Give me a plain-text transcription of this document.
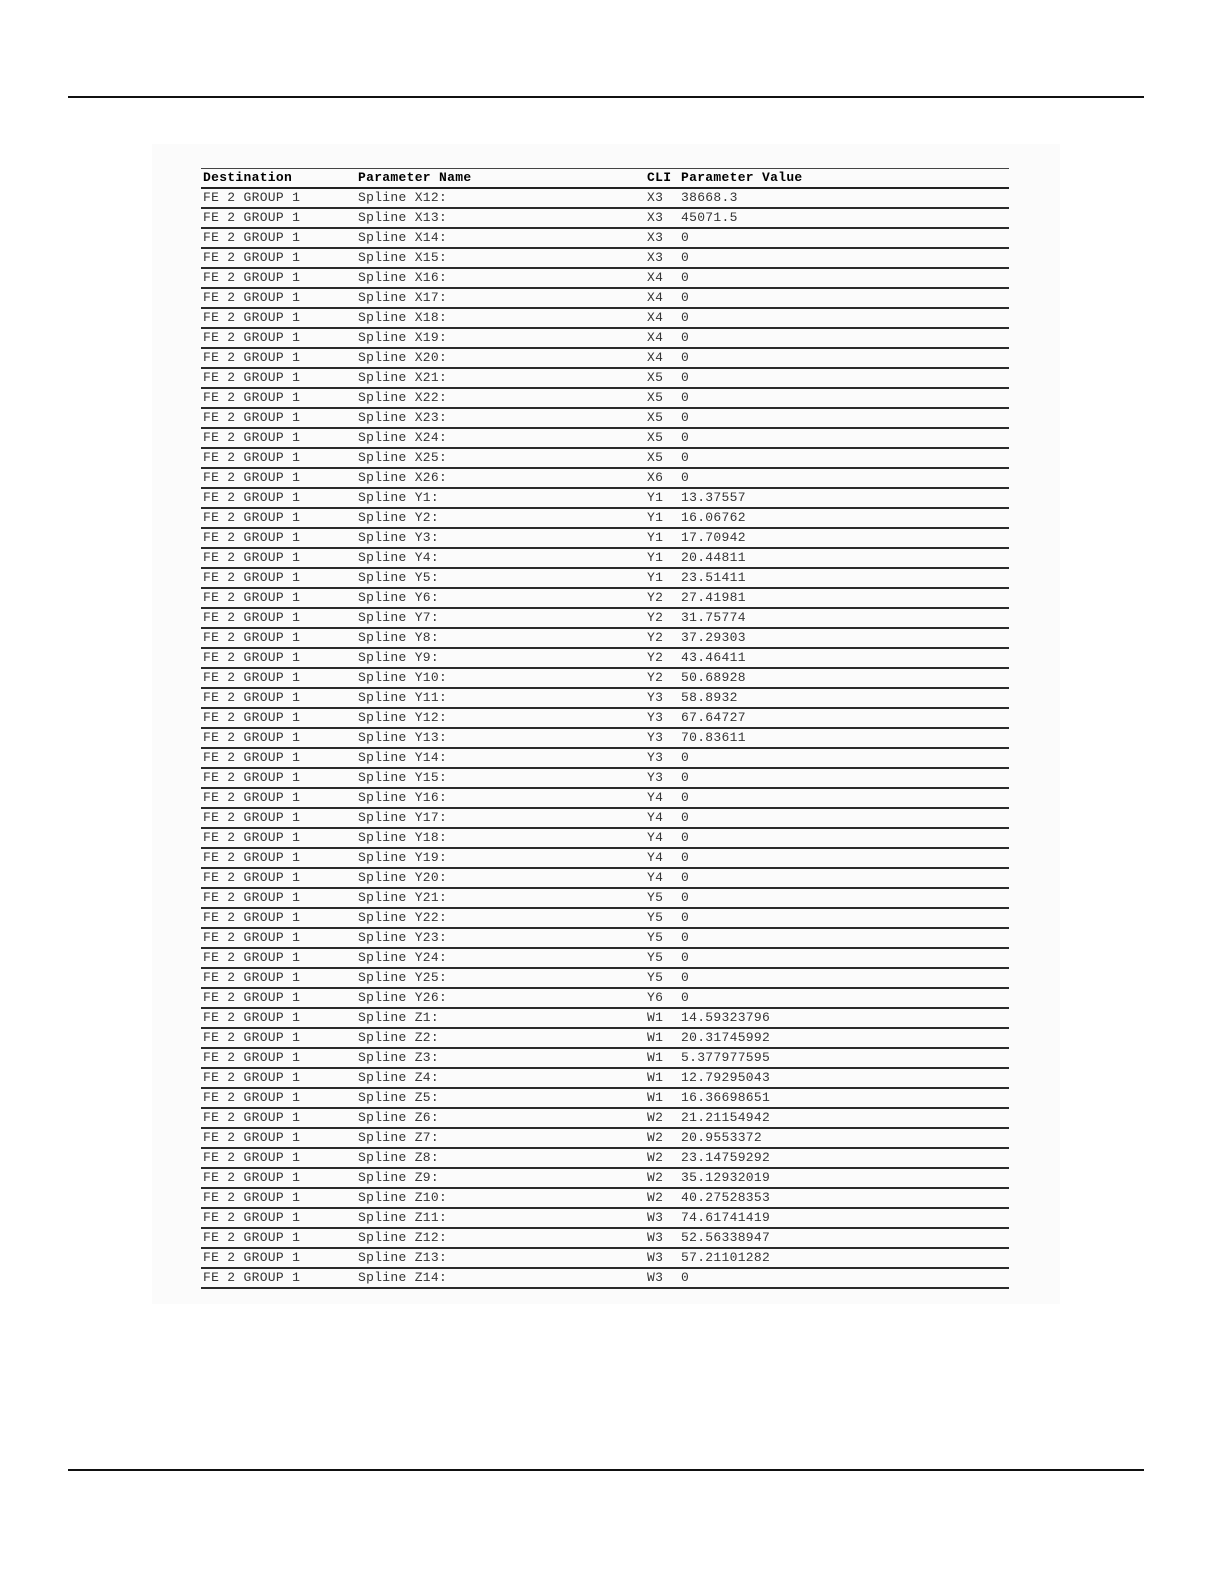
Destination	Parameter Name	CLI	Parameter Value
FE 2 GROUP 1	Spline X12:	X3	38668.3
FE 2 GROUP 1	Spline X13:	X3	45071.5
FE 2 GROUP 1	Spline X14:	X3	0
FE 2 GROUP 1	Spline X15:	X3	0
FE 2 GROUP 1	Spline X16:	X4	0
FE 2 GROUP 1	Spline X17:	X4	0
FE 2 GROUP 1	Spline X18:	X4	0
FE 2 GROUP 1	Spline X19:	X4	0
FE 2 GROUP 1	Spline X20:	X4	0
FE 2 GROUP 1	Spline X21:	X5	0
FE 2 GROUP 1	Spline X22:	X5	0
FE 2 GROUP 1	Spline X23:	X5	0
FE 2 GROUP 1	Spline X24:	X5	0
FE 2 GROUP 1	Spline X25:	X5	0
FE 2 GROUP 1	Spline X26:	X6	0
FE 2 GROUP 1	Spline Y1:	Y1	13.37557
FE 2 GROUP 1	Spline Y2:	Y1	16.06762
FE 2 GROUP 1	Spline Y3:	Y1	17.70942
FE 2 GROUP 1	Spline Y4:	Y1	20.44811
FE 2 GROUP 1	Spline Y5:	Y1	23.51411
FE 2 GROUP 1	Spline Y6:	Y2	27.41981
FE 2 GROUP 1	Spline Y7:	Y2	31.75774
FE 2 GROUP 1	Spline Y8:	Y2	37.29303
FE 2 GROUP 1	Spline Y9:	Y2	43.46411
FE 2 GROUP 1	Spline Y10:	Y2	50.68928
FE 2 GROUP 1	Spline Y11:	Y3	58.8932
FE 2 GROUP 1	Spline Y12:	Y3	67.64727
FE 2 GROUP 1	Spline Y13:	Y3	70.83611
FE 2 GROUP 1	Spline Y14:	Y3	0
FE 2 GROUP 1	Spline Y15:	Y3	0
FE 2 GROUP 1	Spline Y16:	Y4	0
FE 2 GROUP 1	Spline Y17:	Y4	0
FE 2 GROUP 1	Spline Y18:	Y4	0
FE 2 GROUP 1	Spline Y19:	Y4	0
FE 2 GROUP 1	Spline Y20:	Y4	0
FE 2 GROUP 1	Spline Y21:	Y5	0
FE 2 GROUP 1	Spline Y22:	Y5	0
FE 2 GROUP 1	Spline Y23:	Y5	0
FE 2 GROUP 1	Spline Y24:	Y5	0
FE 2 GROUP 1	Spline Y25:	Y5	0
FE 2 GROUP 1	Spline Y26:	Y6	0
FE 2 GROUP 1	Spline Z1:	W1	14.59323796
FE 2 GROUP 1	Spline Z2:	W1	20.31745992
FE 2 GROUP 1	Spline Z3:	W1	5.377977595
FE 2 GROUP 1	Spline Z4:	W1	12.79295043
FE 2 GROUP 1	Spline Z5:	W1	16.36698651
FE 2 GROUP 1	Spline Z6:	W2	21.21154942
FE 2 GROUP 1	Spline Z7:	W2	20.9553372
FE 2 GROUP 1	Spline Z8:	W2	23.14759292
FE 2 GROUP 1	Spline Z9:	W2	35.12932019
FE 2 GROUP 1	Spline Z10:	W2	40.27528353
FE 2 GROUP 1	Spline Z11:	W3	74.61741419
FE 2 GROUP 1	Spline Z12:	W3	52.56338947
FE 2 GROUP 1	Spline Z13:	W3	57.21101282
FE 2 GROUP 1	Spline Z14:	W3	0
